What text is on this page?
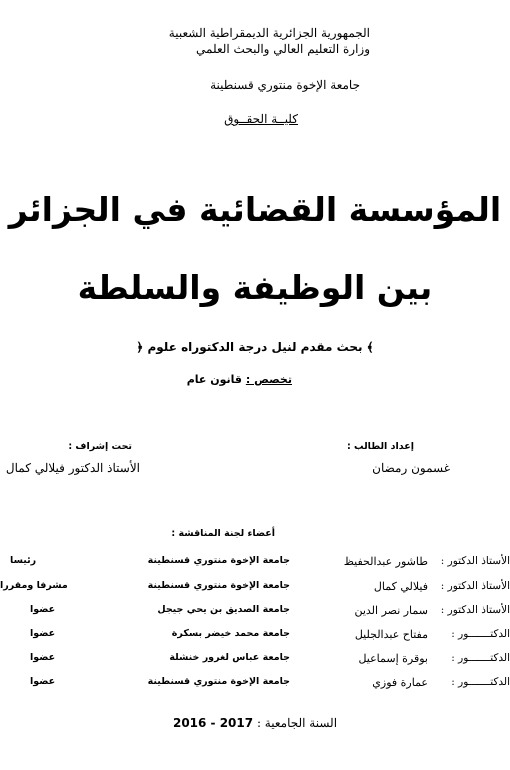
الجمهورية الجزائرية الديمقراطية الشعبية
وزارة التعليم العالي والبحث العلمي
جامعة الإخوة منتوري قسنطينة
كليــة الحقــوق
المؤسسة القضائية في الجزائر
بين الوظيفة والسلطة
﴾ بحث مقدم لنيل درجة الدكتوراه علوم ﴿
تخصص : قانون عام
إعداد الطالب :
غسمون رمضان
تحت إشراف :
الأستاذ الدكتور فيلالي كمال
أعضاء لجنة المناقشة :
الأستاذ الدكتور :
طاشور عبدالحفيظ
جامعة الإخوة منتوري قسنطينة
رئيسا
الأستاذ الدكتور :
فيلالي كمال
جامعة الإخوة منتوري قسنطينة
مشرفا ومقررا
الأستاذ الدكتور :
سمار نصر الدين
جامعة الصديق بن يحي جيجل
عضوا
الدكتـــــــور :
مفتاح عبدالجليل
جامعة محمد خيضر بسكرة
عضوا
الدكتـــــــور :
بوقرة إسماعيل
جامعة عباس لغرور خنشلة
عضوا
الدكتـــــــور :
عمارة فوزي
جامعة الإخوة منتوري قسنطينة
عضوا
السنة الجامعية : 2016 - 2017
